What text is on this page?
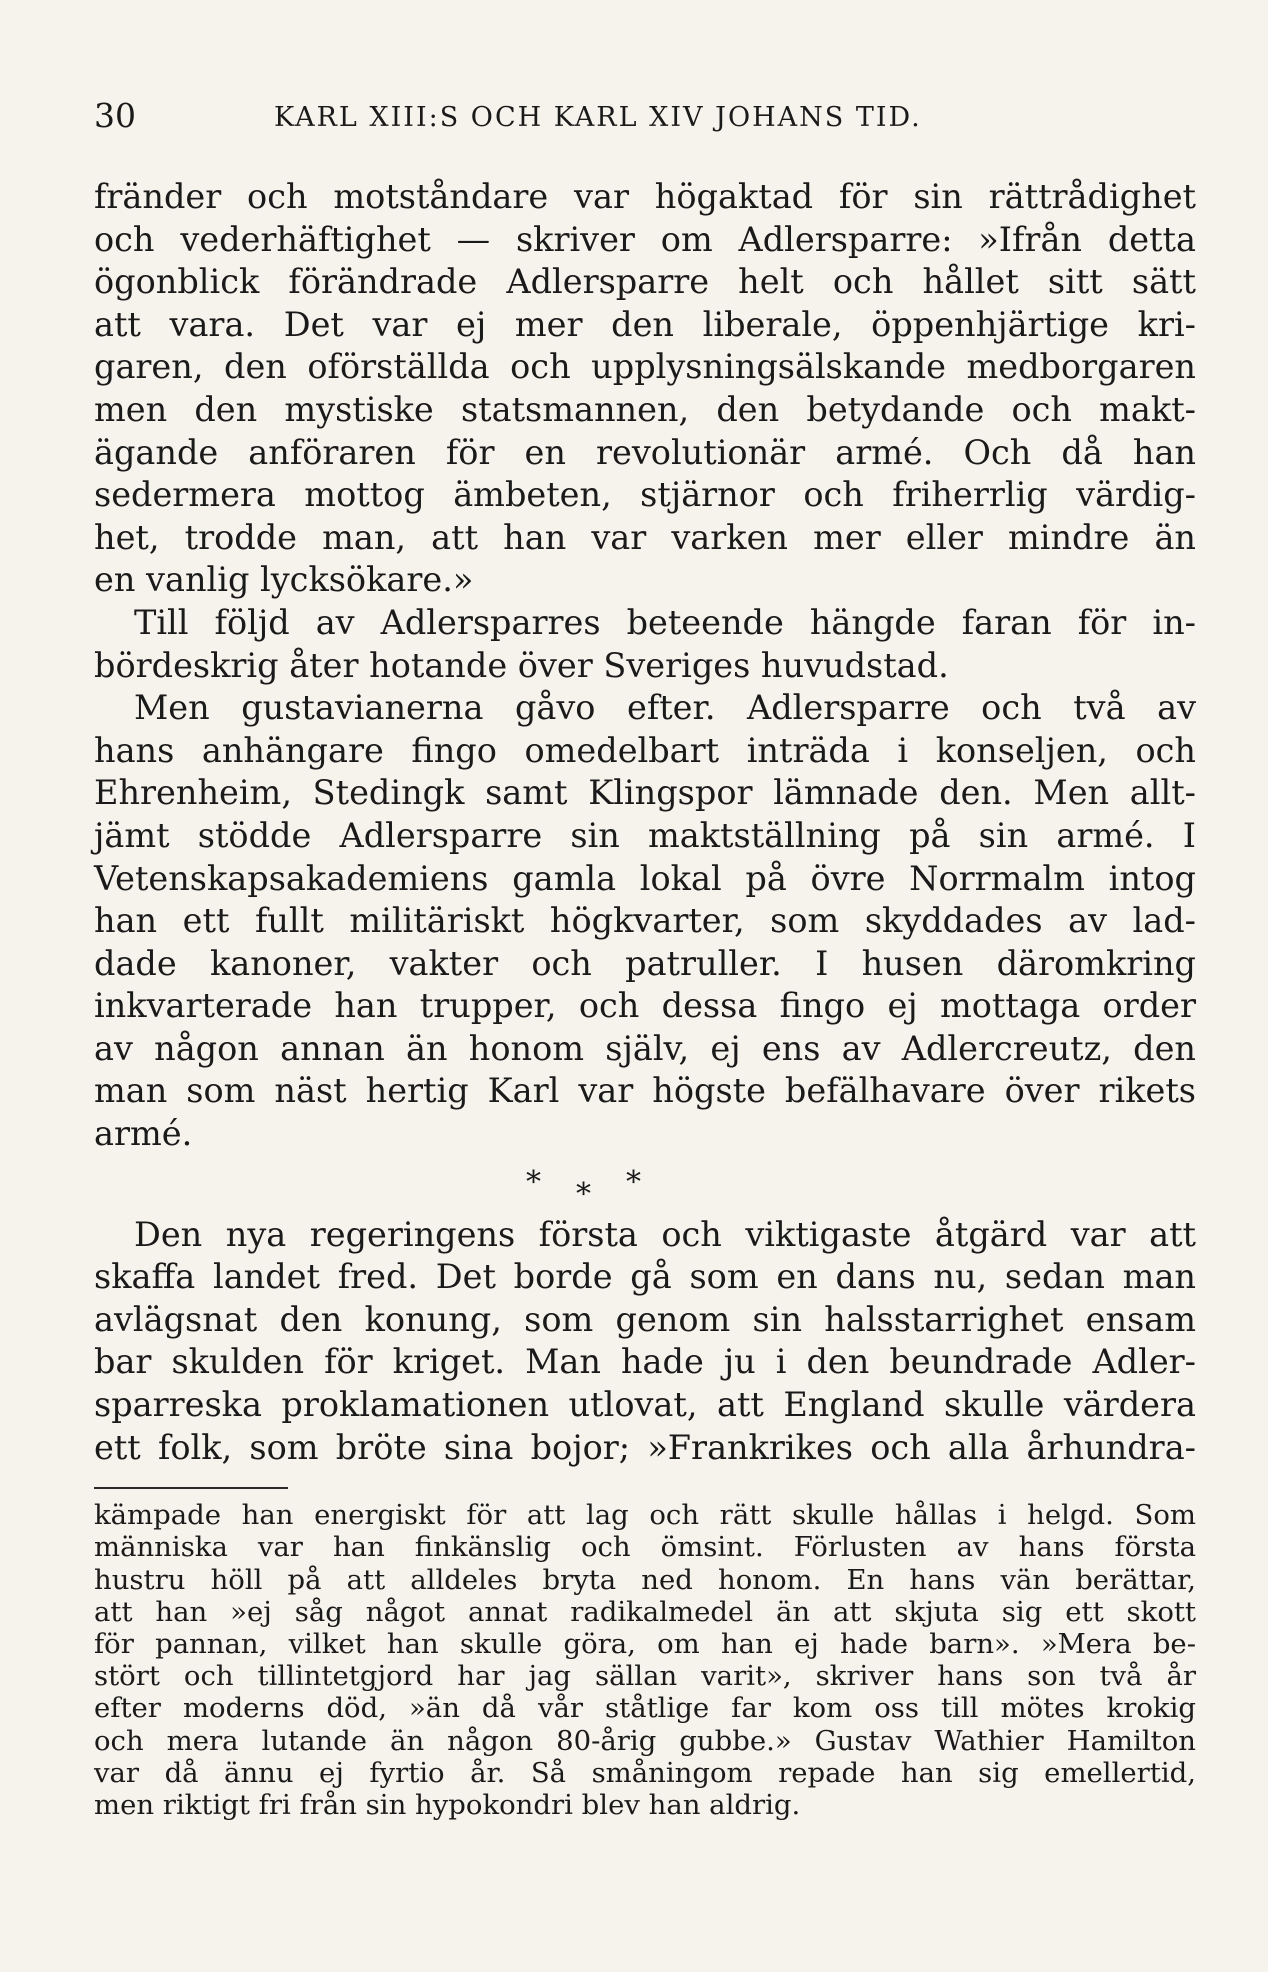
30	KARL XIII:S OCH KARL XIV JOHANS TID.
fränder och motståndare var högaktad för sin rättrådighet
och vederhäftighet — skriver om Adlersparre: »Ifrån detta
ögonblick förändrade Adlersparre helt och hållet sitt sätt
att vara. Det var ej mer den liberale, öppenhjärtige kri-
garen, den oförställda och upplysningsälskande medborgaren
men den mystiske statsmannen, den betydande och makt-
ägande anföraren för en revolutionär armé. Och då han
sedermera mottog ämbeten, stjärnor och friherrlig värdig-
het, trodde man, att han var varken mer eller mindre än
en vanlig lycksökare.»
Till följd av Adlersparres beteende hängde faran för in-
bördeskrig åter hotande över Sveriges huvudstad.
Men gustavianerna gåvo efter. Adlersparre och två av
hans anhängare fingo omedelbart inträda i konseljen, och
Ehrenheim, Stedingk samt Klingspor lämnade den. Men allt-
jämt stödde Adlersparre sin maktställning på sin armé. I
Vetenskapsakademiens gamla lokal på övre Norrmalm intog
han ett fullt militäriskt högkvarter, som skyddades av lad-
dade kanoner, vakter och patruller. I husen däromkring
inkvarterade han trupper, och dessa fingo ej mottaga order
av någon annan än honom själv, ej ens av Adlercreutz, den
man som näst hertig Karl var högste befälhavare över rikets
armé.
* * *
Den nya regeringens första och viktigaste åtgärd var att
skaffa landet fred. Det borde gå som en dans nu, sedan man
avlägsnat den konung, som genom sin halsstarrighet ensam
bar skulden för kriget. Man hade ju i den beundrade Adler-
sparreska proklamationen utlovat, att England skulle värdera
ett folk, som bröte sina bojor; »Frankrikes och alla århundra-
kämpade han energiskt för att lag och rätt skulle hållas i helgd. Som
människa var han finkänslig och ömsint. Förlusten av hans första
hustru höll på att alldeles bryta ned honom. En hans vän berättar,
att han »ej såg något annat radikalmedel än att skjuta sig ett skott
för pannan, vilket han skulle göra, om han ej hade barn». »Mera be-
stört och tillintetgjord har jag sällan varit», skriver hans son två år
efter moderns död, »än då vår ståtlige far kom oss till mötes krokig
och mera lutande än någon 80-årig gubbe.» Gustav Wathier Hamilton
var då ännu ej fyrtio år. Så småningom repade han sig emellertid,
men riktigt fri från sin hypokondri blev han aldrig.
